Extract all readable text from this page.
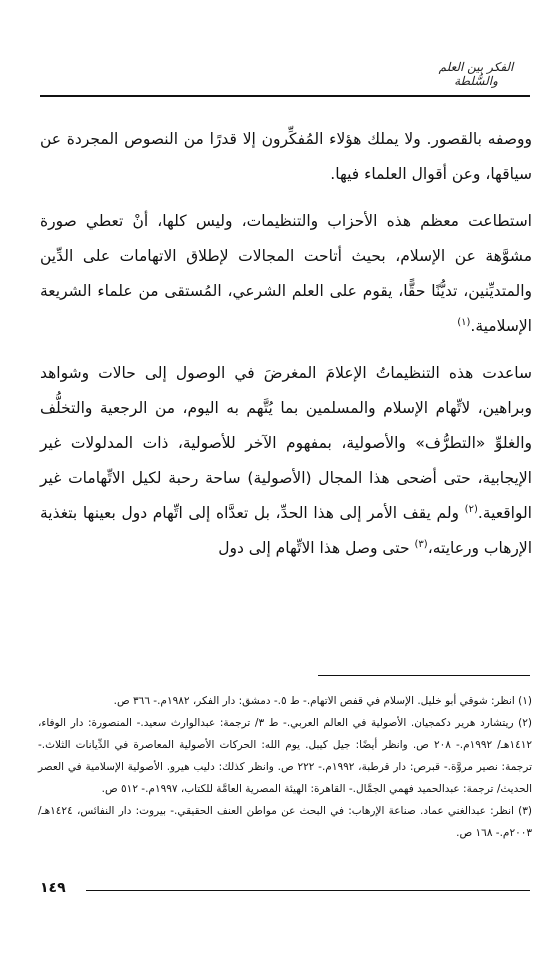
الفكر بين العلم والسُّلطة

ووصفه بالقصور. ولا يملك هؤلاء المُفكِّرون إلا قدرًا من النصوص المجردة عن سياقها، وعن أقوال العلماء فيها.

استطاعت معظم هذه الأحزاب والتنظيمات، وليس كلها، أنْ تعطي صورة مشوَّهة عن الإسلام، بحيث أتاحت المجالات لإطلاق الاتهامات على الدِّين والمتديِّنين، تديُّنًا حقًّا، يقوم على العلم الشرعي، المُستقى من علماء الشريعة الإسلامية.$^{(١)}$

ساعدت هذه التنظيماتُ الإعلامَ المغرضَ في الوصول إلى حالات وشواهد وبراهين، لاتِّهام الإسلام والمسلمين بما يُتَّهم به اليوم، من الرجعية والتخلُّف والغلوِّ «التطرُّف» والأصولية، بمفهوم الآخر للأصولية، ذات المدلولات غير الإيجابية، حتى أضحى هذا المجال (الأصولية) ساحة رحبة لكيل الاتِّهامات غير الواقعية.$^{(٢)}$ ولم يقف الأمر إلى هذا الحدِّ، بل تعدَّاه إلى اتِّهام دول بعينها بتغذية الإرهاب ورعايته،$^{(٣)}$ حتى وصل هذا الاتِّهام إلى دول

(١) انظر: شوقي أبو خليل. الإسلام في قفص الاتهام.- ط ٥.- دمشق: دار الفكر، ١٩٨٢م.- ٣٦٦ ص.

(٢) ريتشارد هرير دكمجيان. الأصولية في العالم العربي.- ط ٣/ ترجمة: عبدالوارث سعيد.- المنصورة: دار الوفاء، ١٤١٢هـ/ ١٩٩٢م.- ٢٠٨ ص. وانظر أيضًا: جيل كيبل. يوم الله: الحركات الأصولية المعاصرة في الدِّيانات الثلاث.- ترجمة: نصير مروَّة.- قبرص: دار قرطبة، ١٩٩٢م.- ٢٢٢ ص. وانظر كذلك: دليب هيرو. الأصولية الإسلامية في العصر الحديث/ ترجمة: عبدالحميد فهمي الجمَّال.- القاهرة: الهيئة المصرية العامَّة للكتاب، ١٩٩٧م.- ٥١٢ ص.

(٣) انظر: عبدالغني عماد. صناعة الإرهاب: في البحث عن مواطن العنف الحقيقي.- بيروت: دار النفائس، ١٤٢٤هـ/ ٢٠٠٣م.- ١٦٨ ص.

١٤٩
